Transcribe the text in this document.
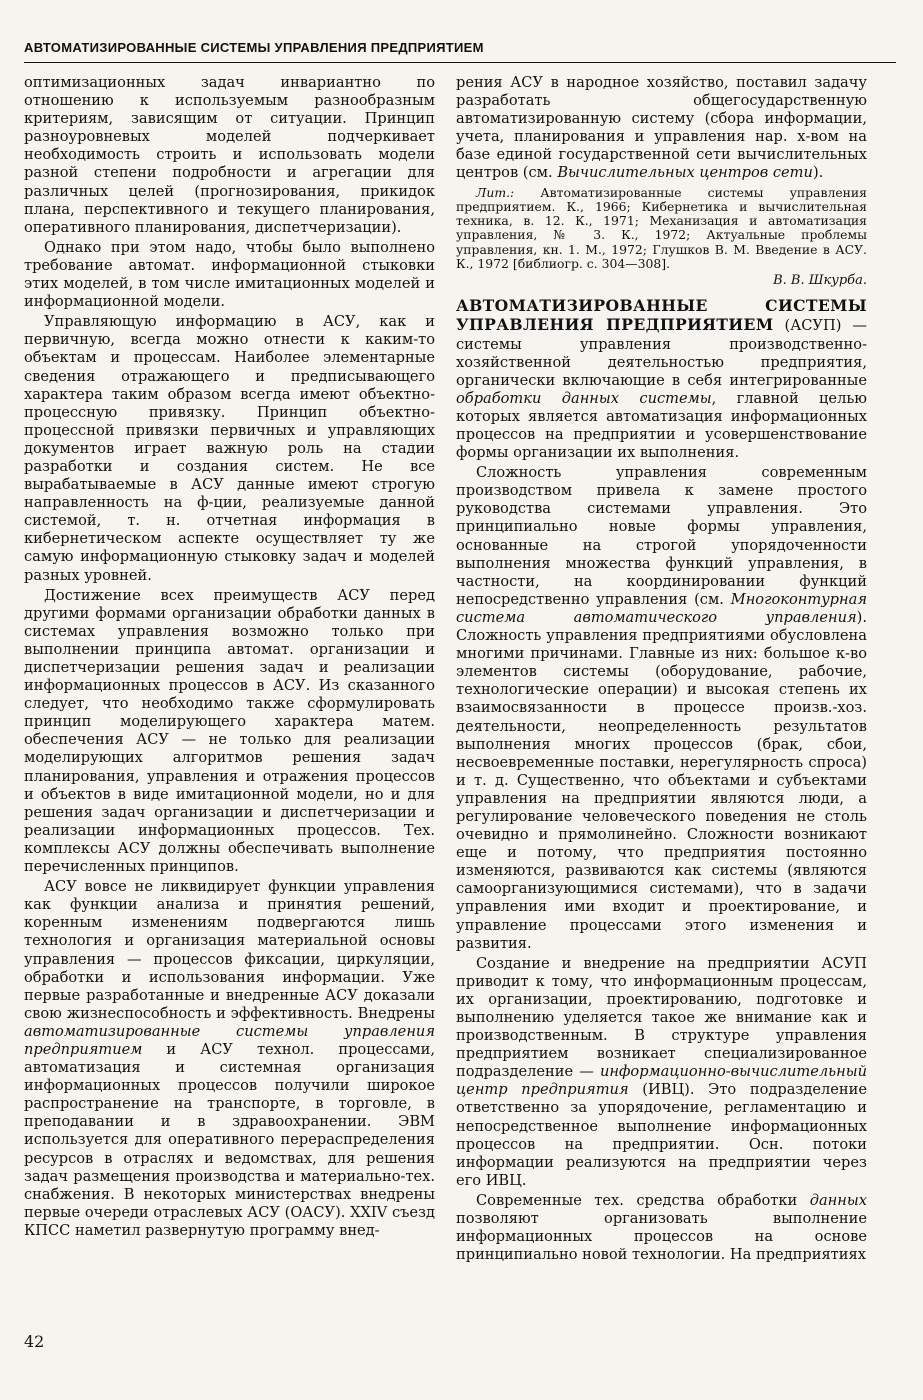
АВТОМАТИЗИРОВАННЫЕ СИСТЕМЫ УПРАВЛЕНИЯ ПРЕДПРИЯТИЕМ

оптимизационных задач инвариантно по отношению к используемым разнообразным критериям, зависящим от ситуации. Принцип разноуровневых моделей подчеркивает необходимость строить и использовать модели разной степени подробности и агрегации для различных целей (прогнозирования, прикидок плана, перспективного и текущего планирования, оперативного планирования, диспетчеризации).

Однако при этом надо, чтобы было выполнено требование автомат. информационной стыковки этих моделей, в том числе имитационных моделей и информационной модели.

Управляющую информацию в АСУ, как и первичную, всегда можно отнести к каким-то объектам и процессам. Наиболее элементарные сведения отражающего и предписывающего характера таким образом всегда имеют объектно-процессную привязку. Принцип объектно-процессной привязки первичных и управляющих документов играет важную роль на стадии разработки и создания систем. Не все вырабатываемые в АСУ данные имеют строгую направленность на ф-ции, реализуемые данной системой, т. н. отчетная информация в кибернетическом аспекте осуществляет ту же самую информационную стыковку задач и моделей разных уровней.

Достижение всех преимуществ АСУ перед другими формами организации обработки данных в системах управления возможно только при выполнении принципа автомат. организации и диспетчеризации решения задач и реализации информационных процессов в АСУ. Из сказанного следует, что необходимо также сформулировать принцип моделирующего характера матем. обеспечения АСУ — не только для реализации моделирующих алгоритмов решения задач планирования, управления и отражения процессов и объектов в виде имитационной модели, но и для решения задач организации и диспетчеризации и реализации информационных процессов. Тех. комплексы АСУ должны обеспечивать выполнение перечисленных принципов.

АСУ вовсе не ликвидирует функции управления как функции анализа и принятия решений, коренным изменениям подвергаются лишь технология и организация материальной основы управления — процессов фиксации, циркуляции, обработки и использования информации. Уже первые разработанные и внедренные АСУ доказали свою жизнеспособность и эффективность. Внедрены автоматизированные системы управления предприятием и АСУ технол. процессами, автоматизация и системная организация информационных процессов получили широкое распространение на транспорте, в торговле, в преподавании и в здравоохранении. ЭВМ используется для оперативного перераспределения ресурсов в отраслях и ведомствах, для решения задач размещения производства и материально-тех. снабжения. В некоторых министерствах внедрены первые очереди отраслевых АСУ (ОАСУ). XXIV съезд КПСС наметил развернутую программу внед-

рения АСУ в народное хозяйство, поставил задачу разработать общегосударственную автоматизированную систему (сбора информации, учета, планирования и управления нар. х-вом на базе единой государственной сети вычислительных центров (см. Вычислительных центров сети).

Лит.: Автоматизированные системы управления предприятием. К., 1966; Кибернетика и вычислительная техника, в. 12. К., 1971; Механизация и автоматизация управления, № 3. К., 1972; Актуальные проблемы управления, кн. 1. М., 1972; Глушков В. М. Введение в АСУ. К., 1972 [библиогр. с. 304—308].

В. В. Шкурба.

АВТОМАТИЗИРОВАННЫЕ СИСТЕМЫ УПРАВЛЕНИЯ ПРЕДПРИЯТИЕМ (АСУП) — системы управления производственно-хозяйственной деятельностью предприятия, органически включающие в себя интегрированные обработки данных системы, главной целью которых является автоматизация информационных процессов на предприятии и усовершенствование формы организации их выполнения.

Сложность управления современным производством привела к замене простого руководства системами управления. Это принципиально новые формы управления, основанные на строгой упорядоченности выполнения множества функций управления, в частности, на координировании функций непосредственно управления (см. Многоконтурная система автоматического управления). Сложность управления предприятиями обусловлена многими причинами. Главные из них: большое к-во элементов системы (оборудование, рабочие, технологические операции) и высокая степень их взаимосвязанности в процессе произв.-хоз. деятельности, неопределенность результатов выполнения многих процессов (брак, сбои, несвоевременные поставки, нерегулярность спроса) и т. д. Существенно, что объектами и субъектами управления на предприятии являются люди, а регулирование человеческого поведения не столь очевидно и прямолинейно. Сложности возникают еще и потому, что предприятия постоянно изменяются, развиваются как системы (являются самоорганизующимися системами), что в задачи управления ими входит и проектирование, и управление процессами этого изменения и развития.

Создание и внедрение на предприятии АСУП приводит к тому, что информационным процессам, их организации, проектированию, подготовке и выполнению уделяется такое же внимание как и производственным. В структуре управления предприятием возникает специализированное подразделение — информационно-вычислительный центр предприятия (ИВЦ). Это подразделение ответственно за упорядочение, регламентацию и непосредственное выполнение информационных процессов на предприятии. Осн. потоки информации реализуются на предприятии через его ИВЦ.

Современные тех. средства обработки данных позволяют организовать выполнение информационных процессов на основе принципиально новой технологии. На предприятиях

42
